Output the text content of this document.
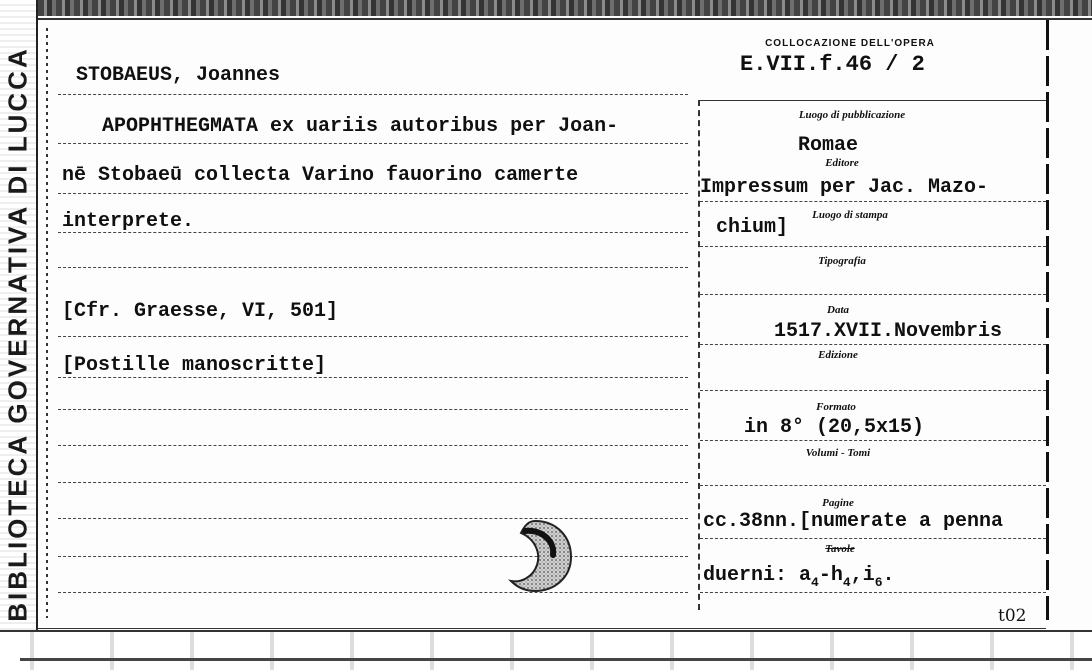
BIBLIOTECA GOVERNATIVA DI LUCCA STOBAEUS, Joannes
APOPHTHEGMATA ex uariis autoribus per Joan-
nē Stobaeū collecta Varino fauorino camerte
interprete.
[Cfr. Graesse, VI, 501]
[Postille manoscritte]
COLLOCAZIONE DELL'OPERA
E.VII.f.46 / 2
Luogo di pubblicazione
Romae
Editore
Impressum per Jac. Mazo-
chium]
Luogo di stampa
Tipografia
Data
1517.XVII.Novembris
Edizione
Formato
in 8° (20,5x15)
Volumi - Tomi
Pagine
cc.38nn.[numerate a penna
Tavole
duerni: $a_4-h_4,i_6$.
t02
